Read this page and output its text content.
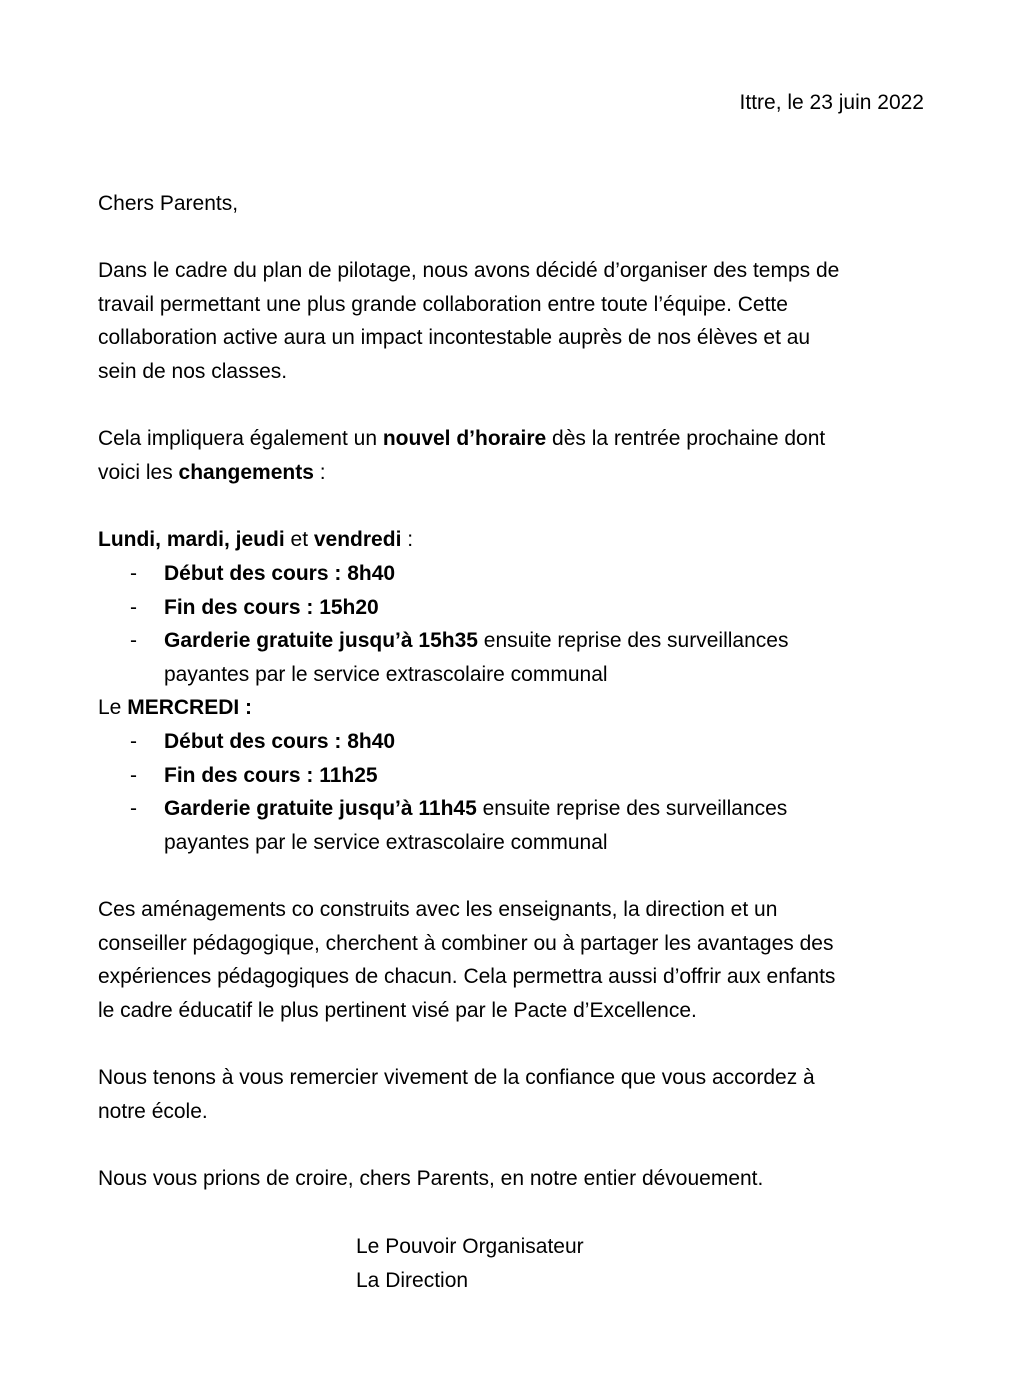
Ittre, le 23 juin 2022

Chers Parents,

Dans le cadre du plan de pilotage, nous avons décidé d’organiser des temps de

travail permettant une plus grande collaboration entre toute l’équipe. Cette

collaboration active aura un impact incontestable auprès de nos élèves et au

sein de nos classes.

Cela impliquera également un nouvel d’horaire dès la rentrée prochaine dont

voici les changements :

Lundi, mardi, jeudi et vendredi :

- Début des cours : 8h40

- Fin des cours : 15h20

- Garderie gratuite jusqu’à 15h35 ensuite reprise des surveillances

payantes par le service extrascolaire communal

Le MERCREDI :

- Début des cours : 8h40

- Fin des cours : 11h25

- Garderie gratuite jusqu’à 11h45 ensuite reprise des surveillances

payantes par le service extrascolaire communal

Ces aménagements co construits avec les enseignants, la direction et un

conseiller pédagogique, cherchent à combiner ou à partager les avantages des

expériences pédagogiques de chacun. Cela permettra aussi d’offrir aux enfants

le cadre éducatif le plus pertinent visé par le Pacte d’Excellence.

Nous tenons à vous remercier vivement de la confiance que vous accordez à

notre école.

Nous vous prions de croire, chers Parents, en notre entier dévouement.

Le Pouvoir Organisateur

La Direction
